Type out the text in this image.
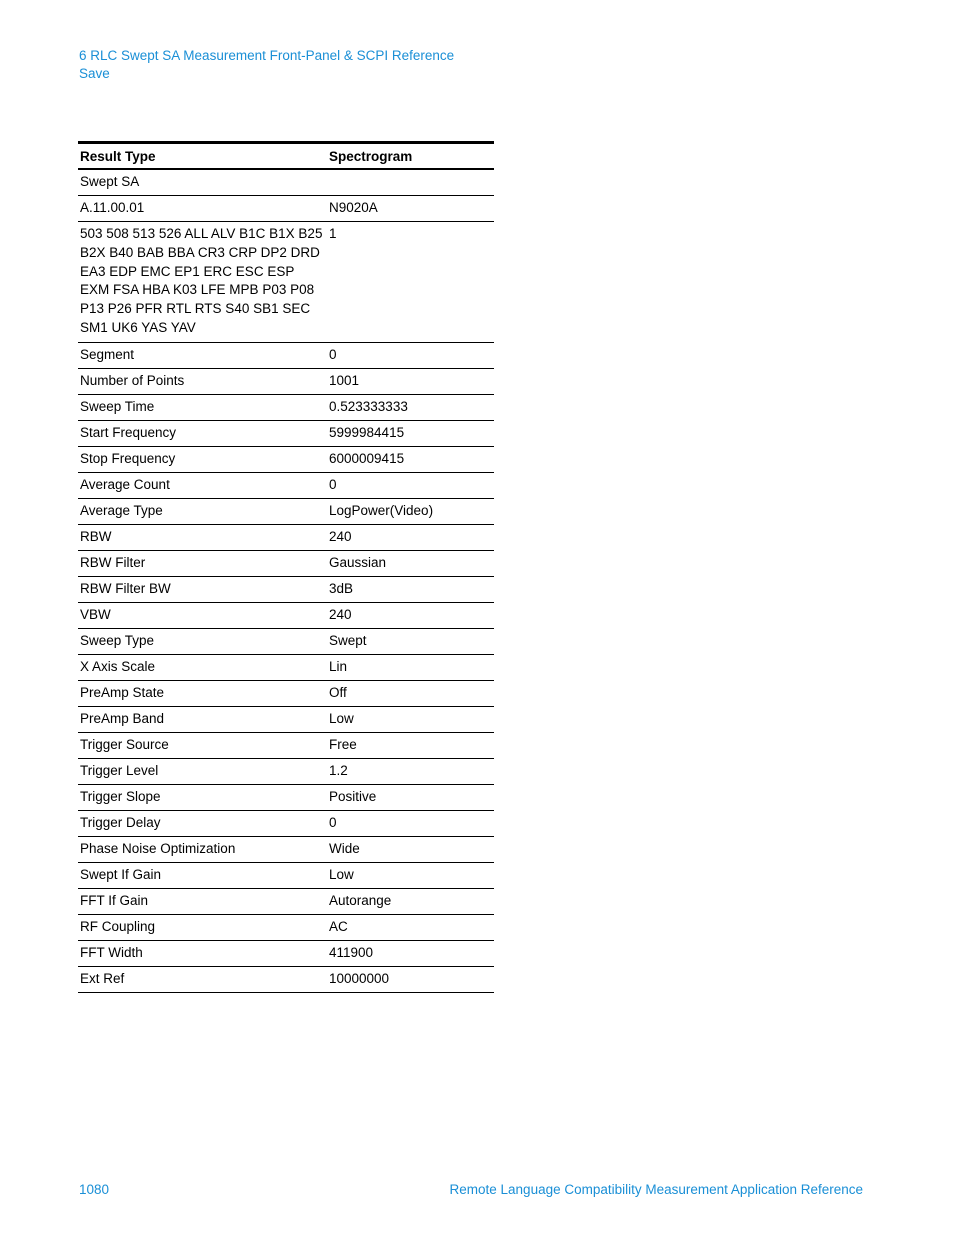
6 RLC Swept SA Measurement Front-Panel & SCPI Reference
Save
Result Type	Spectrogram
Swept SA	
A.11.00.01	N9020A
503 508 513 526 ALL ALV B1C B1X B25 B2X B40 BAB BBA CR3 CRP DP2 DRD EA3 EDP EMC EP1 ERC ESC ESP EXM FSA HBA K03 LFE MPB P03 P08 P13 P26 PFR RTL RTS S40 SB1 SEC SM1 UK6 YAS YAV	1
Segment	0
Number of Points	1001
Sweep Time	0.523333333
Start Frequency	5999984415
Stop Frequency	6000009415
Average Count	0
Average Type	LogPower(Video)
RBW	240
RBW Filter	Gaussian
RBW Filter BW	3dB
VBW	240
Sweep Type	Swept
X Axis Scale	Lin
PreAmp State	Off
PreAmp Band	Low
Trigger Source	Free
Trigger Level	1.2
Trigger Slope	Positive
Trigger Delay	0
Phase Noise Optimization	Wide
Swept If Gain	Low
FFT If Gain	Autorange
RF Coupling	AC
FFT Width	411900
Ext Ref	10000000
1080	Remote Language Compatibility Measurement Application Reference
